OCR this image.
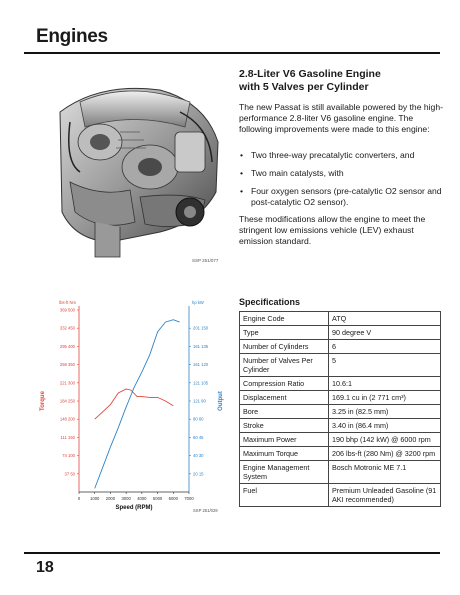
Engines
SSP 251/077
2.8-Liter V6 Gasoline Engine
with 5 Valves per Cylinder
The new Passat is still available powered by the high-performance 2.8-liter V6 gasoline engine. The following improvements were made to this engine:
• Two three-way precatalytic converters, and
• Two main catalysts, with
• Four oxygen sensors (pre-catalytic O2 sensor and post-catalytic O2 sensor).
These modifications allow the engine to meet the stringent low emissions vehicle (LEV) exhaust emission standard.
lbs-ft Nm	hp kW
37 50
74 100
111 150
148 200
184 250
221 300
258 350
295 400
332 450
369 500
20 15
40 30
60 45
80 60
121 90
121 105
161 120
161 135
201 150
0 1000 2000 3000 4000 5000 6000 7000
Speed (RPM)
Torque	Output
SSP 251/029
Specifications
Engine Code	ATQ
Type	90 degree V
Number of Cylinders	6
Number of Valves Per Cylinder	5
Compression Ratio	10.6:1
Displacement	169.1 cu in (2 771 cm³)
Bore	3.25 in (82.5 mm)
Stroke	3.40 in (86.4 mm)
Maximum Power	190 bhp (142 kW) @ 6000 rpm
Maximum Torque	206 lbs-ft (280 Nm) @ 3200 rpm
Engine Management System	Bosch Motronic ME 7.1
Fuel	Premium Unleaded Gasoline (91 AKI recommended)
18
